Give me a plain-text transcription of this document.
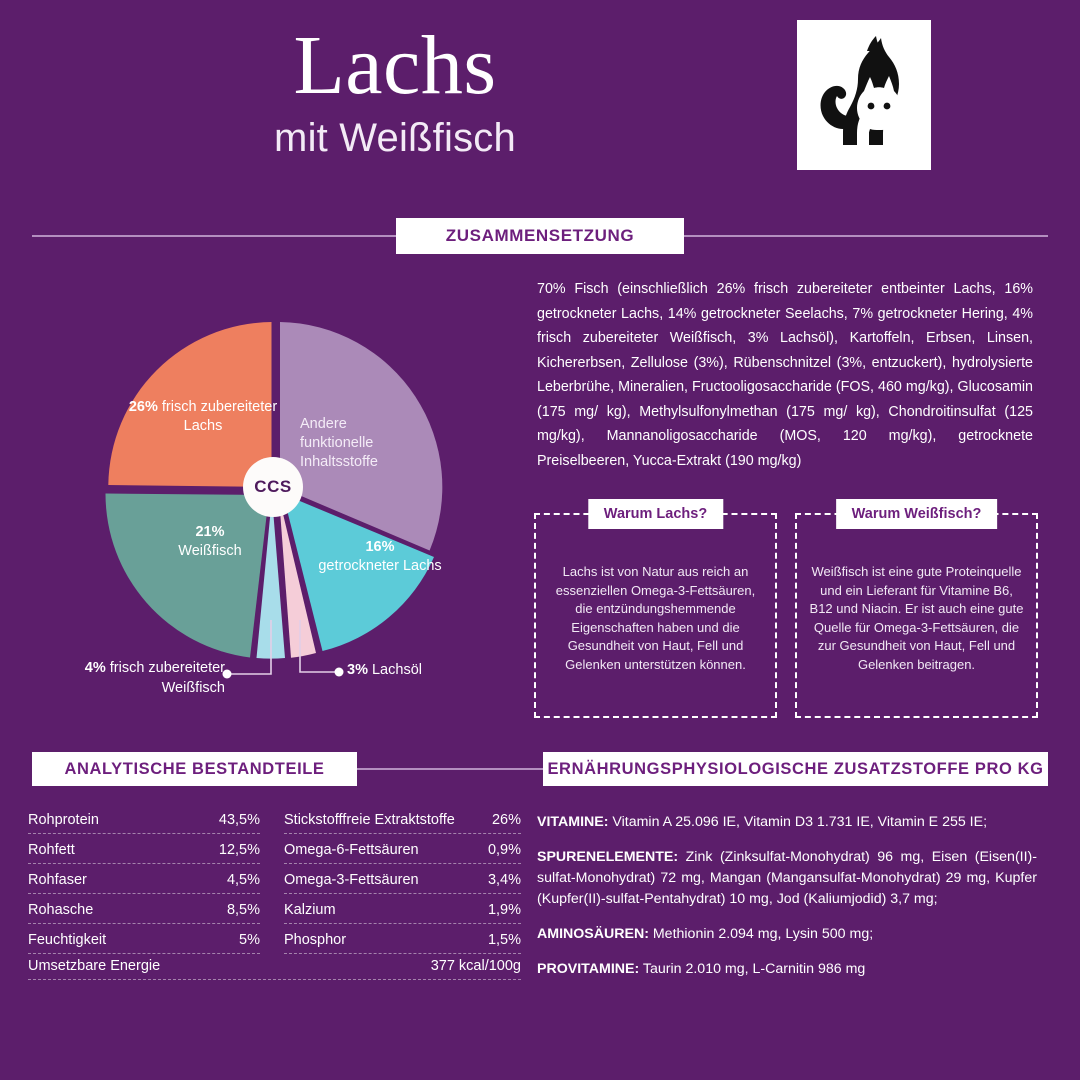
Lachs
mit Weißfisch
ZUSAMMENSETZUNG
CCS
26% frisch zubereiteter Lachs	Andere
funktionelle
Inhaltsstoffe
21%
Weißfisch	16%
getrockneter Lachs
4% frisch zubereiteter Weißfisch
3% Lachsöl
70% Fisch (einschließlich 26% frisch zubereiteter entbeinter Lachs, 16% getrockneter Lachs, 14% getrockneter Seelachs, 7% getrockneter Hering, 4% frisch zubereiteter Weißfisch, 3% Lachsöl), Kartoffeln, Erbsen, Linsen, Kichererbsen, Zellulose (3%), Rübenschnitzel (3%, entzuckert), hydrolysierte Leberbrühe, Mineralien, Fructooligosaccharide (FOS, 460 mg/kg), Glucosamin (175 mg/ kg), Methylsulfonylmethan (175 mg/ kg), Chondroitinsulfat (125 mg/kg), Mannanoligosaccharide (MOS, 120 mg/kg), getrocknete Preiselbeeren, Yucca-Extrakt (190 mg/kg)
Warum Lachs?
Lachs ist von Natur aus reich an essenziellen Omega-3-Fettsäuren, die entzündungshemmende Eigenschaften haben und die Gesundheit von Haut, Fell und Gelenken unterstützen können.
Warum Weißfisch?
Weißfisch ist eine gute Proteinquelle und ein Lieferant für Vitamine B6, B12 und Niacin. Er ist auch eine gute Quelle für Omega-3-Fettsäuren, die zur Gesundheit von Haut, Fell und Gelenken beitragen.
ANALYTISCHE BESTANDTEILE	ERNÄHRUNGSPHYSIOLOGISCHE ZUSATZSTOFFE PRO KG
Rohprotein	43,5%
Rohfett	12,5%
Rohfaser	4,5%
Rohasche	8,5%
Feuchtigkeit	5%
Stickstofffreie Extraktstoffe	26%
Omega-6-Fettsäuren	0,9%
Omega-3-Fettsäuren	3,4%
Kalzium	1,9%
Phosphor	1,5%
Umsetzbare Energie	377 kcal/100g
VITAMINE: Vitamin A 25.096 IE, Vitamin D3 1.731 IE, Vitamin E 255 IE;
SPURENELEMENTE: Zink (Zinksulfat-Monohydrat) 96 mg, Eisen (Eisen(II)-sulfat-Monohydrat) 72 mg, Mangan (Mangansulfat-Monohydrat) 29 mg, Kupfer (Kupfer(II)-sulfat-Pentahydrat) 10 mg, Jod (Kaliumjodid) 3,7 mg;
AMINOSÄUREN: Methionin 2.094 mg, Lysin 500 mg;
PROVITAMINE: Taurin 2.010 mg, L-Carnitin 986 mg
